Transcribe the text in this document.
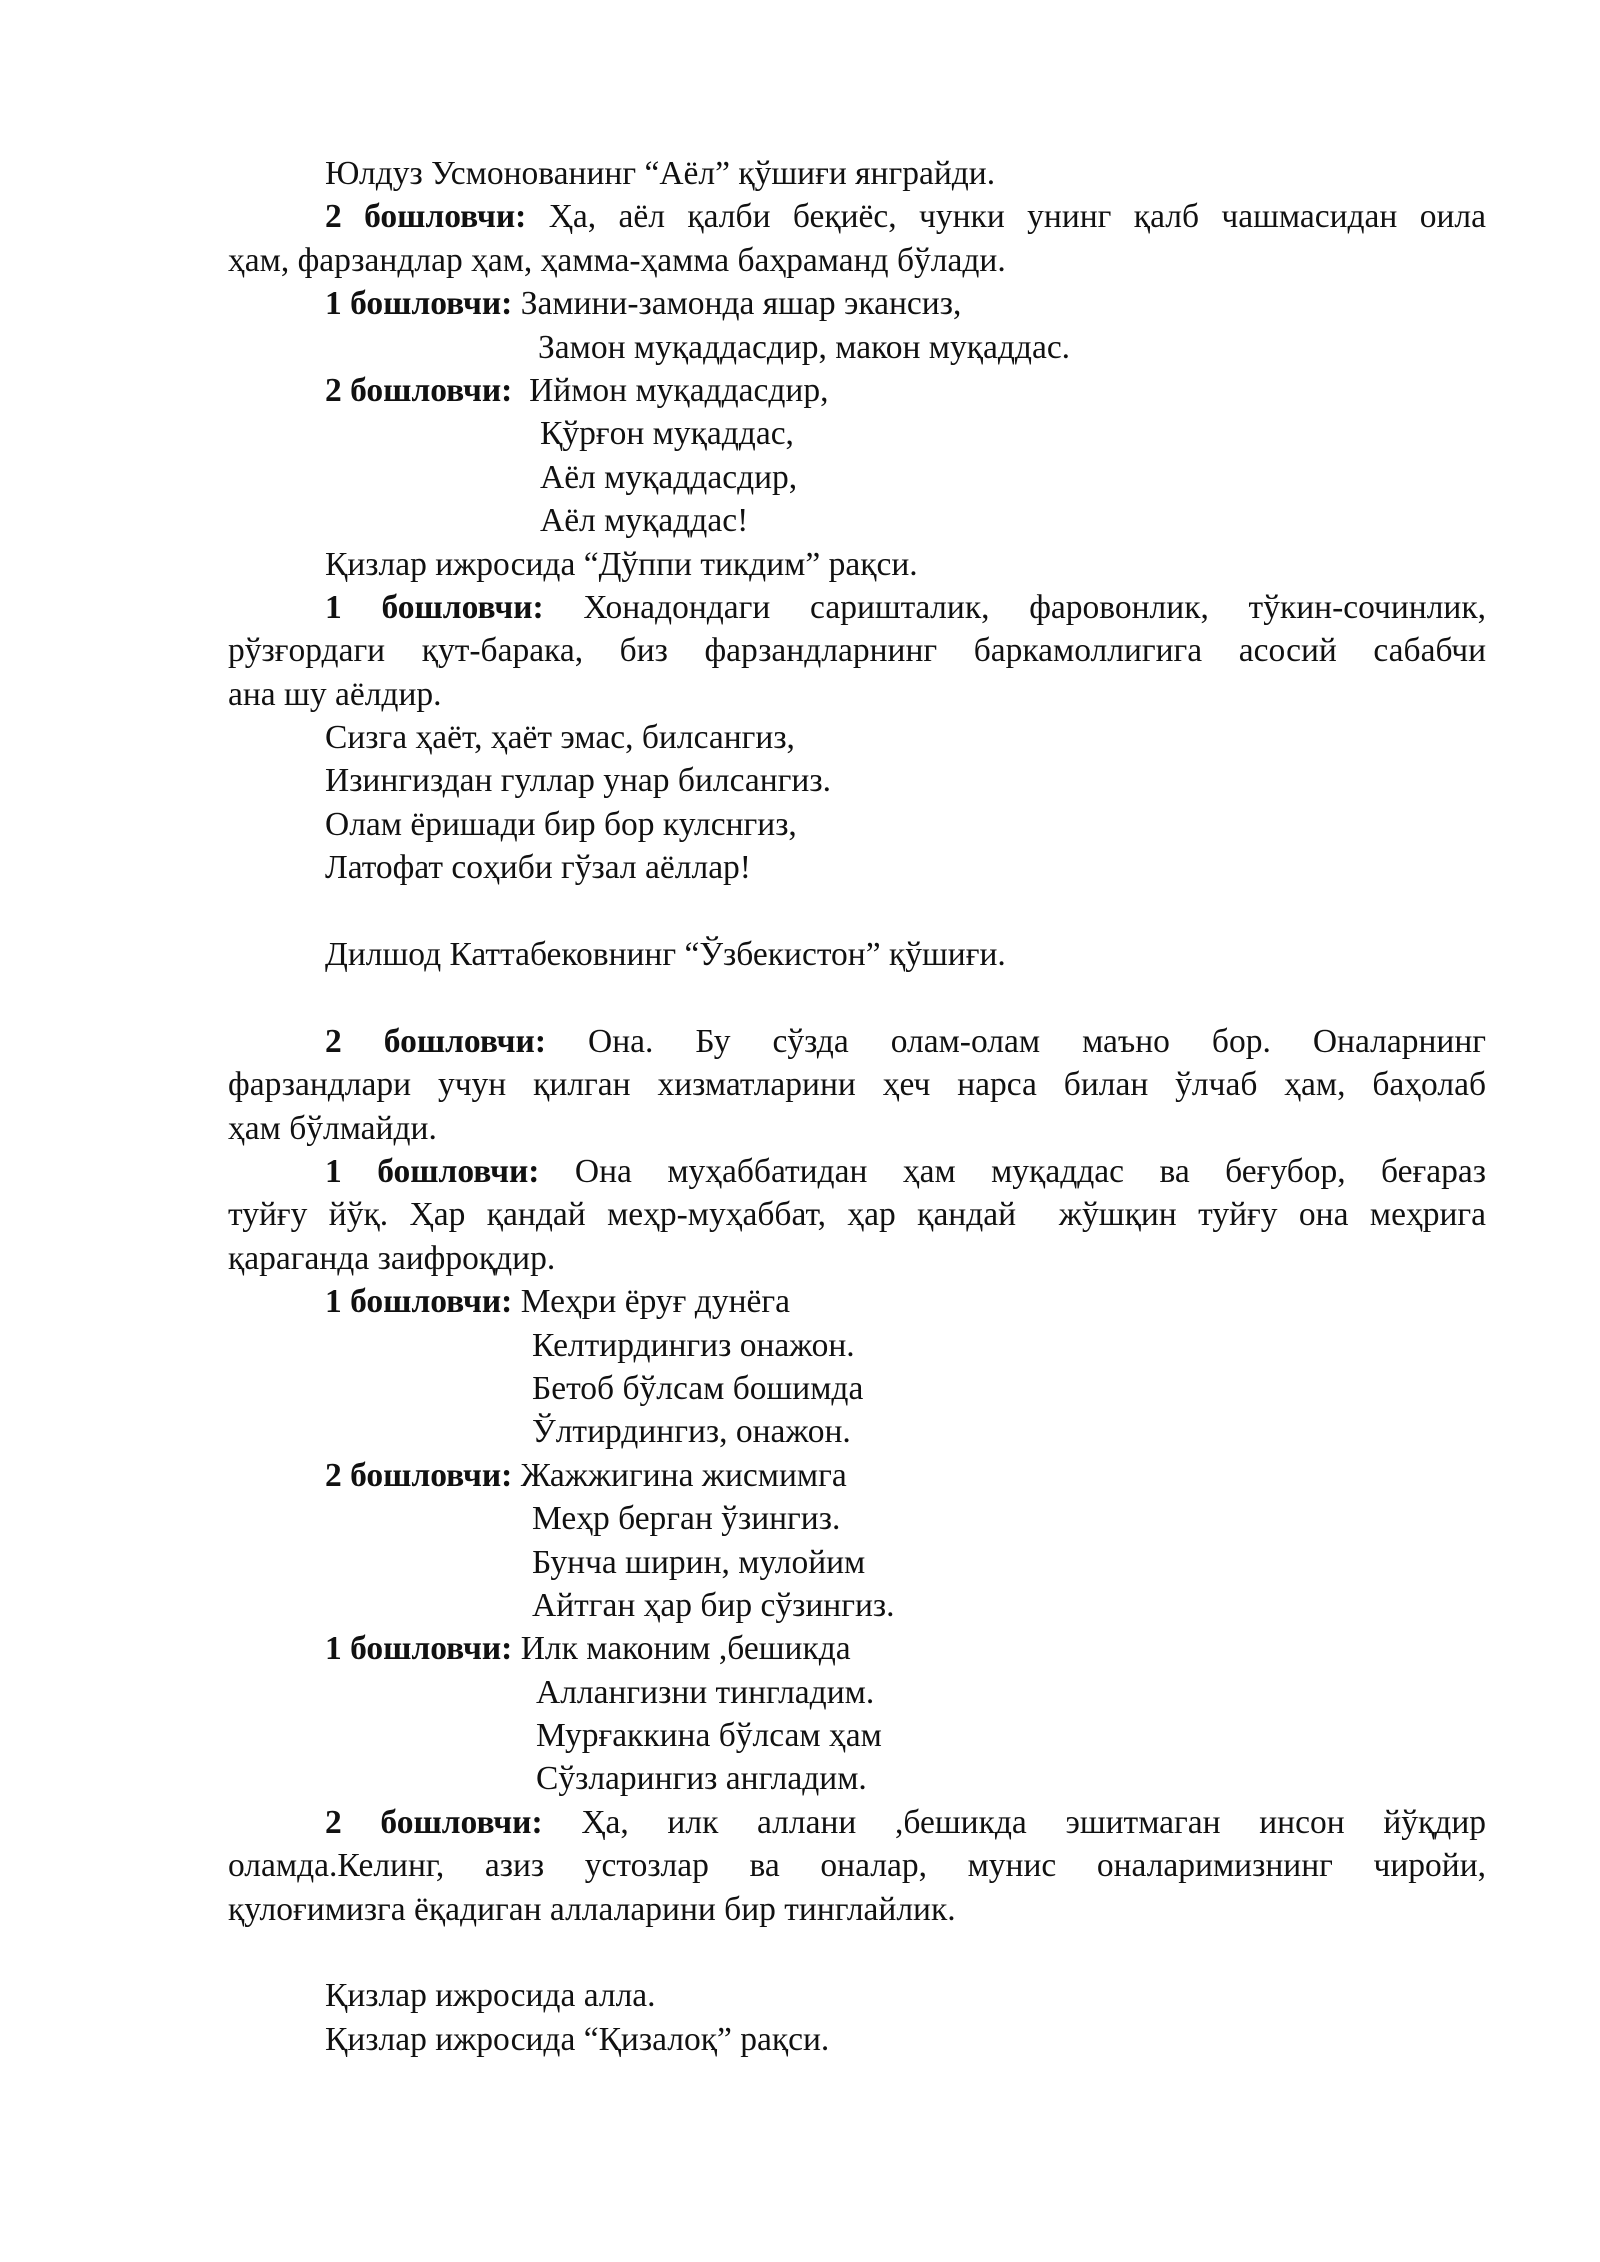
Юлдуз Усмонованинг “Аёл” қўшиғи янграйди.
2 бошловчи: Ҳа, аёл қалби беқиёс, чунки унинг қалб чашмасидан оила
ҳам, фарзандлар ҳам, ҳамма-ҳамма баҳраманд бўлади.
1 бошловчи: Замини-замонда яшар экансиз,
Замон муқаддасдир, макон муқаддас.
2 бошловчи:  Иймон муқаддасдир,
Қўрғон муқаддас,
Аёл муқаддасдир,
Аёл муқаддас!
Қизлар ижросида “Дўппи тикдим” рақси.
1 бошловчи: Хонадондаги сариштaлик, фаровонлик, тўкин-сочинлик,
рўзғордаги қут-барака, биз фарзандларнинг баркамоллигига асосий сабабчи
ана шу аёлдир.
Сизга ҳаёт, ҳаёт эмас, билсангиз,
Изингиздан гуллар унар билсангиз.
Олам ёришади бир бор кулснгиз,
Латофат соҳиби гўзал аёллар!
Дилшод Каттабековнинг “Ўзбекистон” қўшиғи.
2 бошловчи: Она. Бу сўзда олам-олам маъно бор. Оналарнинг
фарзандлари учун қилган хизматларини ҳеч нарса билан ўлчаб ҳам, баҳолаб
ҳам бўлмайди.
1 бошловчи: Она муҳаббатидан ҳам муқаддас ва беғубор, беғараз
туйғу йўқ. Ҳар қандай меҳр-муҳаббат, ҳар қандай  жўшқин туйғу она меҳрига
қараганда заифроқдир.
1 бошловчи: Меҳри ёруғ дунёга
Келтирдингиз онажон.
Бетоб бўлсам бошимда
Ўлтирдингиз, онажон.
2 бошловчи: Жажжигина жисмимга
Меҳр берган ўзингиз.
Бунча ширин, мулойим
Айтган ҳар бир сўзингиз.
1 бошловчи: Илк маконим ,бешикда
Аллангизни тингладим.
Мурғаккина бўлсам ҳам
Сўзларингиз англадим.
2 бошловчи: Ҳа, илк аллани ,бешикда эшитмаган инсон йўқдир
оламда.Келинг, азиз устозлар ва оналар, мунис оналаримизнинг чиройи,
қулоғимизга ёқадиган аллаларини бир тинглайлик.
Қизлар ижросида алла.
Қизлар ижросида “Қизалоқ” рақси.
